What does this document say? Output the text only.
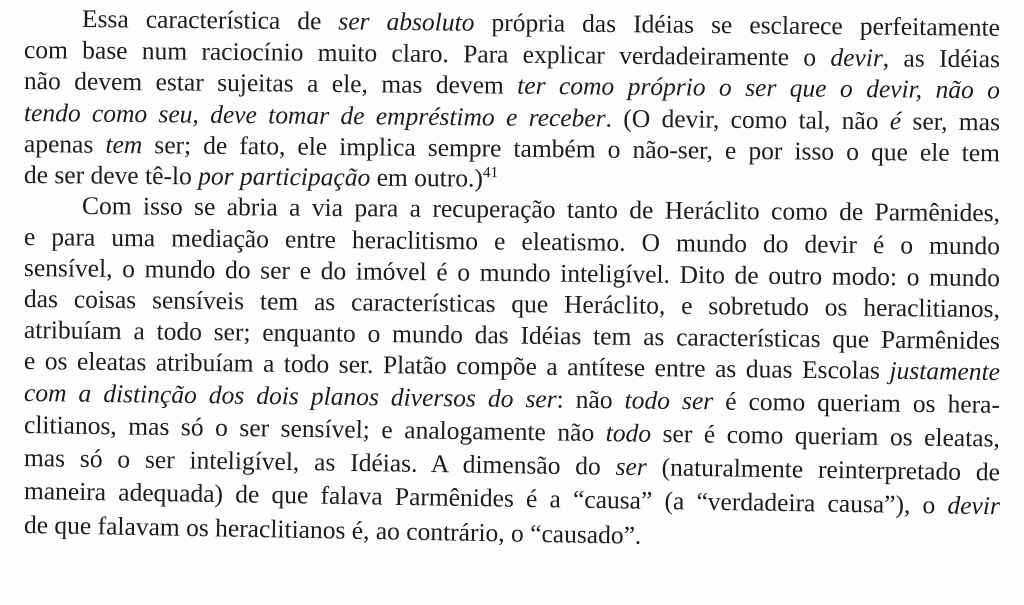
Essa característica de ser absoluto própria das Idéias se esclarece perfeitamente
com base num raciocínio muito claro. Para explicar verdadeiramente o devir, as Idéias
não devem estar sujeitas a ele, mas devem ter como próprio o ser que o devir, não o
tendo como seu, deve tomar de empréstimo e receber. (O devir, como tal, não é ser, mas
apenas tem ser; de fato, ele implica sempre também o não-ser, e por isso o que ele tem
de ser deve tê-lo por participação em outro.)$^{41}$
Com isso se abria a via para a recuperação tanto de Heráclito como de Parmênides,
e para uma mediação entre heraclitismo e eleatismo. O mundo do devir é o mundo
sensível, o mundo do ser e do imóvel é o mundo inteligível. Dito de outro modo: o mundo
das coisas sensíveis tem as características que Heráclito, e sobretudo os heraclitianos,
atribuíam a todo ser; enquanto o mundo das Idéias tem as características que Parmênides
e os eleatas atribuíam a todo ser. Platão compõe a antítese entre as duas Escolas justamente
com a distinção dos dois planos diversos do ser: não todo ser é como queriam os hera-
clitianos, mas só o ser sensível; e analogamente não todo ser é como queriam os eleatas,
mas só o ser inteligível, as Idéias. A dimensão do ser (naturalmente reinterpretado de
maneira adequada) de que falava Parmênides é a “causa” (a “verdadeira causa”), o devir
de que falavam os heraclitianos é, ao contrário, o “causado”.
